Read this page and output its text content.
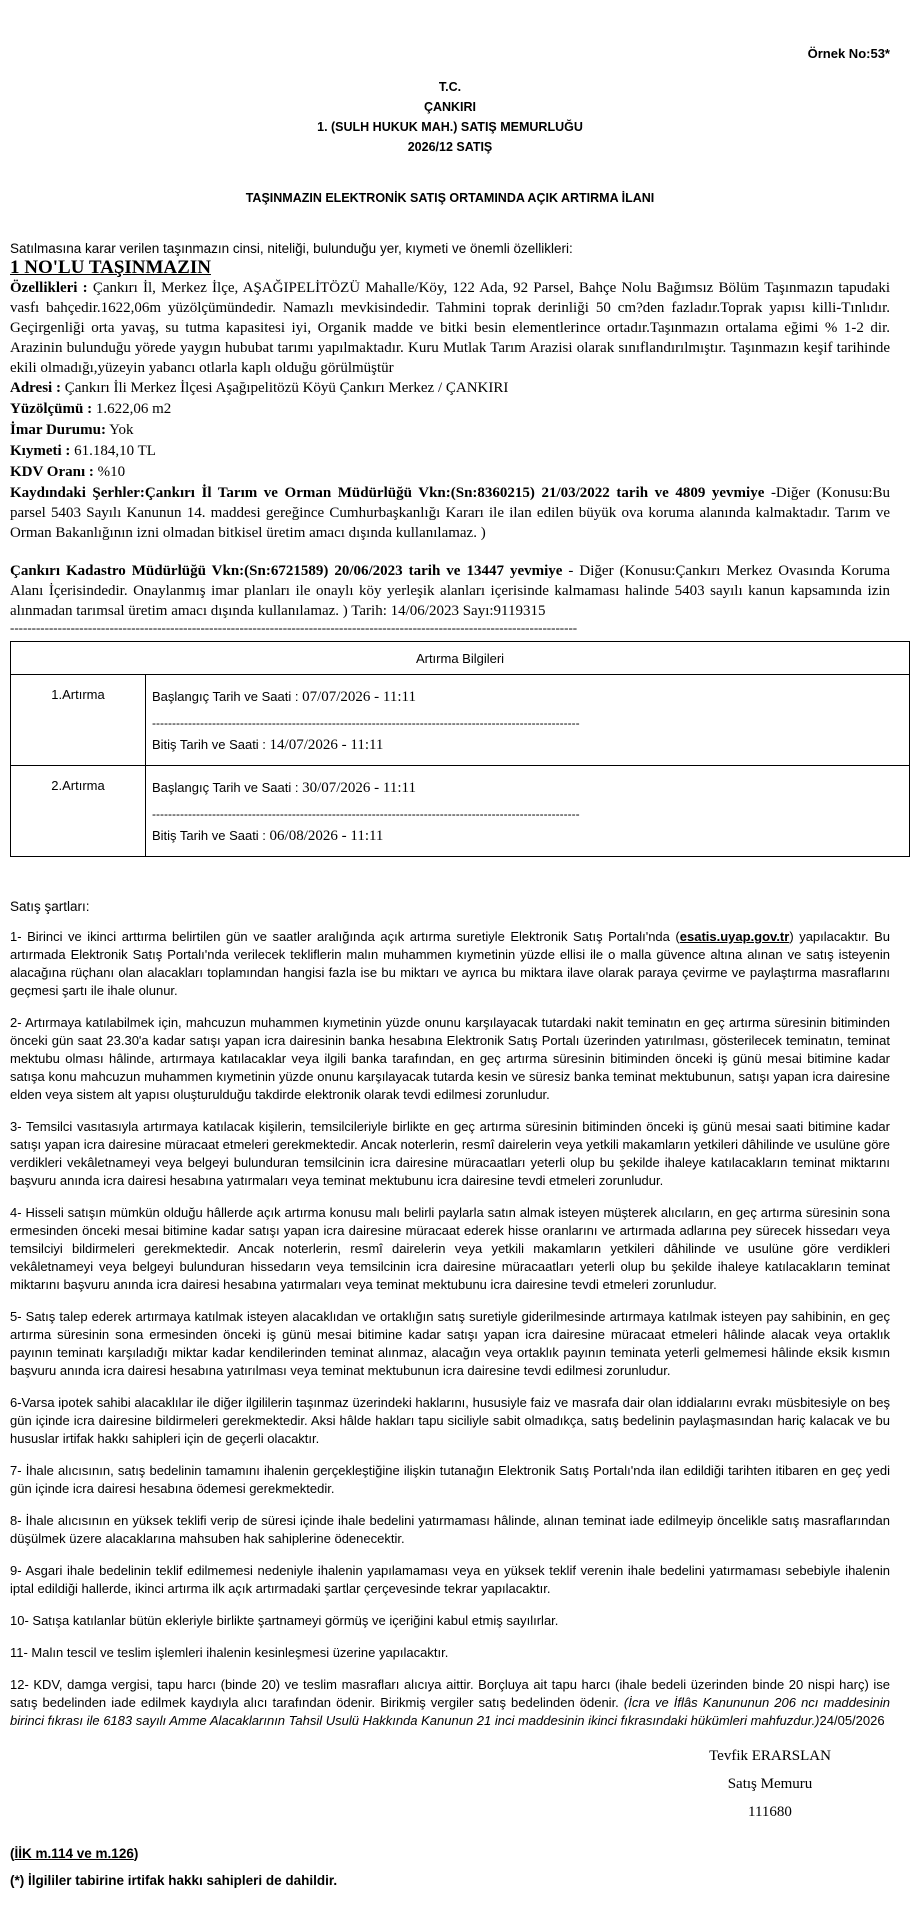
Örnek No:53*
T.C.
ÇANKIRI
1. (SULH HUKUK MAH.) SATIŞ MEMURLUĞU
2026/12 SATIŞ
TAŞINMAZIN ELEKTRONİK SATIŞ ORTAMINDA AÇIK ARTIRMA İLANI
Satılmasına karar verilen taşınmazın cinsi, niteliği, bulunduğu yer, kıymeti ve önemli özellikleri:
1 NO'LU TAŞINMAZIN
Özellikleri : Çankırı İl, Merkez İlçe, AŞAĞIPELİTÖZÜ Mahalle/Köy, 122 Ada, 92 Parsel, Bahçe Nolu Bağımsız Bölüm Taşınmazın tapudaki vasfı bahçedir.1622,06m yüzölçümündedir. Namazlı mevkisindedir. Tahmini toprak derinliği 50 cm?den fazladır.Toprak yapısı killi-Tınlıdır. Geçirgenliği orta yavaş, su tutma kapasitesi iyi, Organik madde ve bitki besin elementlerince ortadır.Taşınmazın ortalama eğimi % 1-2 dir. Arazinin bulunduğu yörede yaygın hububat tarımı yapılmaktadır. Kuru Mutlak Tarım Arazisi olarak sınıflandırılmıştır. Taşınmazın keşif tarihinde ekili olmadığı,yüzeyin yabancı otlarla kaplı olduğu görülmüştür
Adresi : Çankırı İli Merkez İlçesi Aşağıpelitözü Köyü Çankırı Merkez / ÇANKIRI
Yüzölçümü : 1.622,06 m2
İmar Durumu: Yok
Kıymeti : 61.184,10 TL
KDV Oranı : %10
Kaydındaki Şerhler:Çankırı İl Tarım ve Orman Müdürlüğü Vkn:(Sn:8360215) 21/03/2022 tarih ve 4809 yevmiye -Diğer (Konusu:Bu parsel 5403 Sayılı Kanunun 14. maddesi gereğince Cumhurbaşkanlığı Kararı ile ilan edilen büyük ova koruma alanında kalmaktadır. Tarım ve Orman Bakanlığının izni olmadan bitkisel üretim amacı dışında kullanılamaz. )
Çankırı Kadastro Müdürlüğü Vkn:(Sn:6721589) 20/06/2023 tarih ve 13447 yevmiye - Diğer (Konusu:Çankırı Merkez Ovasında Koruma Alanı İçerisindedir. Onaylanmış imar planları ile onaylı köy yerleşik alanları içerisinde kalmaması halinde 5403 sayılı kanun kapsamında izin alınmadan tarımsal üretim amacı dışında kullanılamaz. ) Tarih: 14/06/2023 Sayı:9119315
-----------------------------------------------------------------------------------------------------------------------------------
Artırma Bilgileri	
1.Artırma	Başlangıç Tarih ve Saati : 07/07/2026 - 11:11
-----------------------------------------------------------------------------------------------------------
Bitiş Tarih ve Saati : 14/07/2026 - 11:11

2.Artırma	Başlangıç Tarih ve Saati : 30/07/2026 - 11:11
-----------------------------------------------------------------------------------------------------------
Bitiş Tarih ve Saati : 06/08/2026 - 11:11
Satış şartları:
1- Birinci ve ikinci arttırma belirtilen gün ve saatler aralığında açık artırma suretiyle Elektronik Satış Portalı'nda (esatis.uyap.gov.tr) yapılacaktır. Bu artırmada Elektronik Satış Portalı'nda verilecek tekliflerin malın muhammen kıymetinin yüzde ellisi ile o malla güvence altına alınan ve satış isteyenin alacağına rüçhanı olan alacakları toplamından hangisi fazla ise bu miktarı ve ayrıca bu miktara ilave olarak paraya çevirme ve paylaştırma masraflarını geçmesi şartı ile ihale olunur.
2- Artırmaya katılabilmek için, mahcuzun muhammen kıymetinin yüzde onunu karşılayacak tutardaki nakit teminatın en geç artırma süresinin bitiminden önceki gün saat 23.30'a kadar satışı yapan icra dairesinin banka hesabına Elektronik Satış Portalı üzerinden yatırılması, gösterilecek teminatın, teminat mektubu olması hâlinde, artırmaya katılacaklar veya ilgili banka tarafından, en geç artırma süresinin bitiminden önceki iş günü mesai bitimine kadar satışa konu mahcuzun muhammen kıymetinin yüzde onunu karşılayacak tutarda kesin ve süresiz banka teminat mektubunun, satışı yapan icra dairesine elden veya sistem alt yapısı oluşturulduğu takdirde elektronik olarak tevdi edilmesi zorunludur.
3- Temsilci vasıtasıyla artırmaya katılacak kişilerin, temsilcileriyle birlikte en geç artırma süresinin bitiminden önceki iş günü mesai saati bitimine kadar satışı yapan icra dairesine müracaat etmeleri gerekmektedir. Ancak noterlerin, resmî dairelerin veya yetkili makamların yetkileri dâhilinde ve usulüne göre verdikleri vekâletnameyi veya belgeyi bulunduran temsilcinin icra dairesine müracaatları yeterli olup bu şekilde ihaleye katılacakların teminat miktarını başvuru anında icra dairesi hesabına yatırmaları veya teminat mektubunu icra dairesine tevdi etmeleri zorunludur.
4- Hisseli satışın mümkün olduğu hâllerde açık artırma konusu malı belirli paylarla satın almak isteyen müşterek alıcıların, en geç artırma süresinin sona ermesinden önceki mesai bitimine kadar satışı yapan icra dairesine müracaat ederek hisse oranlarını ve artırmada adlarına pey sürecek hissedarı veya temsilciyi bildirmeleri gerekmektedir. Ancak noterlerin, resmî dairelerin veya yetkili makamların yetkileri dâhilinde ve usulüne göre verdikleri vekâletnameyi veya belgeyi bulunduran hissedarın veya temsilcinin icra dairesine müracaatları yeterli olup bu şekilde ihaleye katılacakların teminat miktarını başvuru anında icra dairesi hesabına yatırmaları veya teminat mektubunu icra dairesine tevdi etmeleri zorunludur.
5- Satış talep ederek artırmaya katılmak isteyen alacaklıdan ve ortaklığın satış suretiyle giderilmesinde artırmaya katılmak isteyen pay sahibinin, en geç artırma süresinin sona ermesinden önceki iş günü mesai bitimine kadar satışı yapan icra dairesine müracaat etmeleri hâlinde alacak veya ortaklık payının teminatı karşıladığı miktar kadar kendilerinden teminat alınmaz, alacağın veya ortaklık payının teminata yeterli gelmemesi hâlinde eksik kısmın başvuru anında icra dairesi hesabına yatırılması veya teminat mektubunun icra dairesine tevdi edilmesi zorunludur.
6-Varsa ipotek sahibi alacaklılar ile diğer ilgililerin taşınmaz üzerindeki haklarını, hususiyle faiz ve masrafa dair olan iddialarını evrakı müsbitesiyle on beş gün içinde icra dairesine bildirmeleri gerekmektedir. Aksi hâlde hakları tapu siciliyle sabit olmadıkça, satış bedelinin paylaşmasından hariç kalacak ve bu hususlar irtifak hakkı sahipleri için de geçerli olacaktır.
7- İhale alıcısının, satış bedelinin tamamını ihalenin gerçekleştiğine ilişkin tutanağın Elektronik Satış Portalı'nda ilan edildiği tarihten itibaren en geç yedi gün içinde icra dairesi hesabına ödemesi gerekmektedir.
8- İhale alıcısının en yüksek teklifi verip de süresi içinde ihale bedelini yatırmaması hâlinde, alınan teminat iade edilmeyip öncelikle satış masraflarından düşülmek üzere alacaklarına mahsuben hak sahiplerine ödenecektir.
9- Asgari ihale bedelinin teklif edilmemesi nedeniyle ihalenin yapılamaması veya en yüksek teklif verenin ihale bedelini yatırmaması sebebiyle ihalenin iptal edildiği hallerde, ikinci artırma ilk açık artırmadaki şartlar çerçevesinde tekrar yapılacaktır.
10- Satışa katılanlar bütün ekleriyle birlikte şartnameyi görmüş ve içeriğini kabul etmiş sayılırlar.
11- Malın tescil ve teslim işlemleri ihalenin kesinleşmesi üzerine yapılacaktır.
12- KDV, damga vergisi, tapu harcı (binde 20) ve teslim masrafları alıcıya aittir. Borçluya ait tapu harcı (ihale bedeli üzerinden binde 20 nispi harç) ise satış bedelinden iade edilmek kaydıyla alıcı tarafından ödenir. Birikmiş vergiler satış bedelinden ödenir. (İcra ve İflâs Kanununun 206 ncı maddesinin birinci fıkrası ile 6183 sayılı Amme Alacaklarının Tahsil Usulü Hakkında Kanunun 21 inci maddesinin ikinci fıkrasındaki hükümleri mahfuzdur.)24/05/2026
Tevfik ERARSLAN
Satış Memuru
111680
(İİK m.114 ve m.126)
(*) İlgililer tabirine irtifak hakkı sahipleri de dahildir.
